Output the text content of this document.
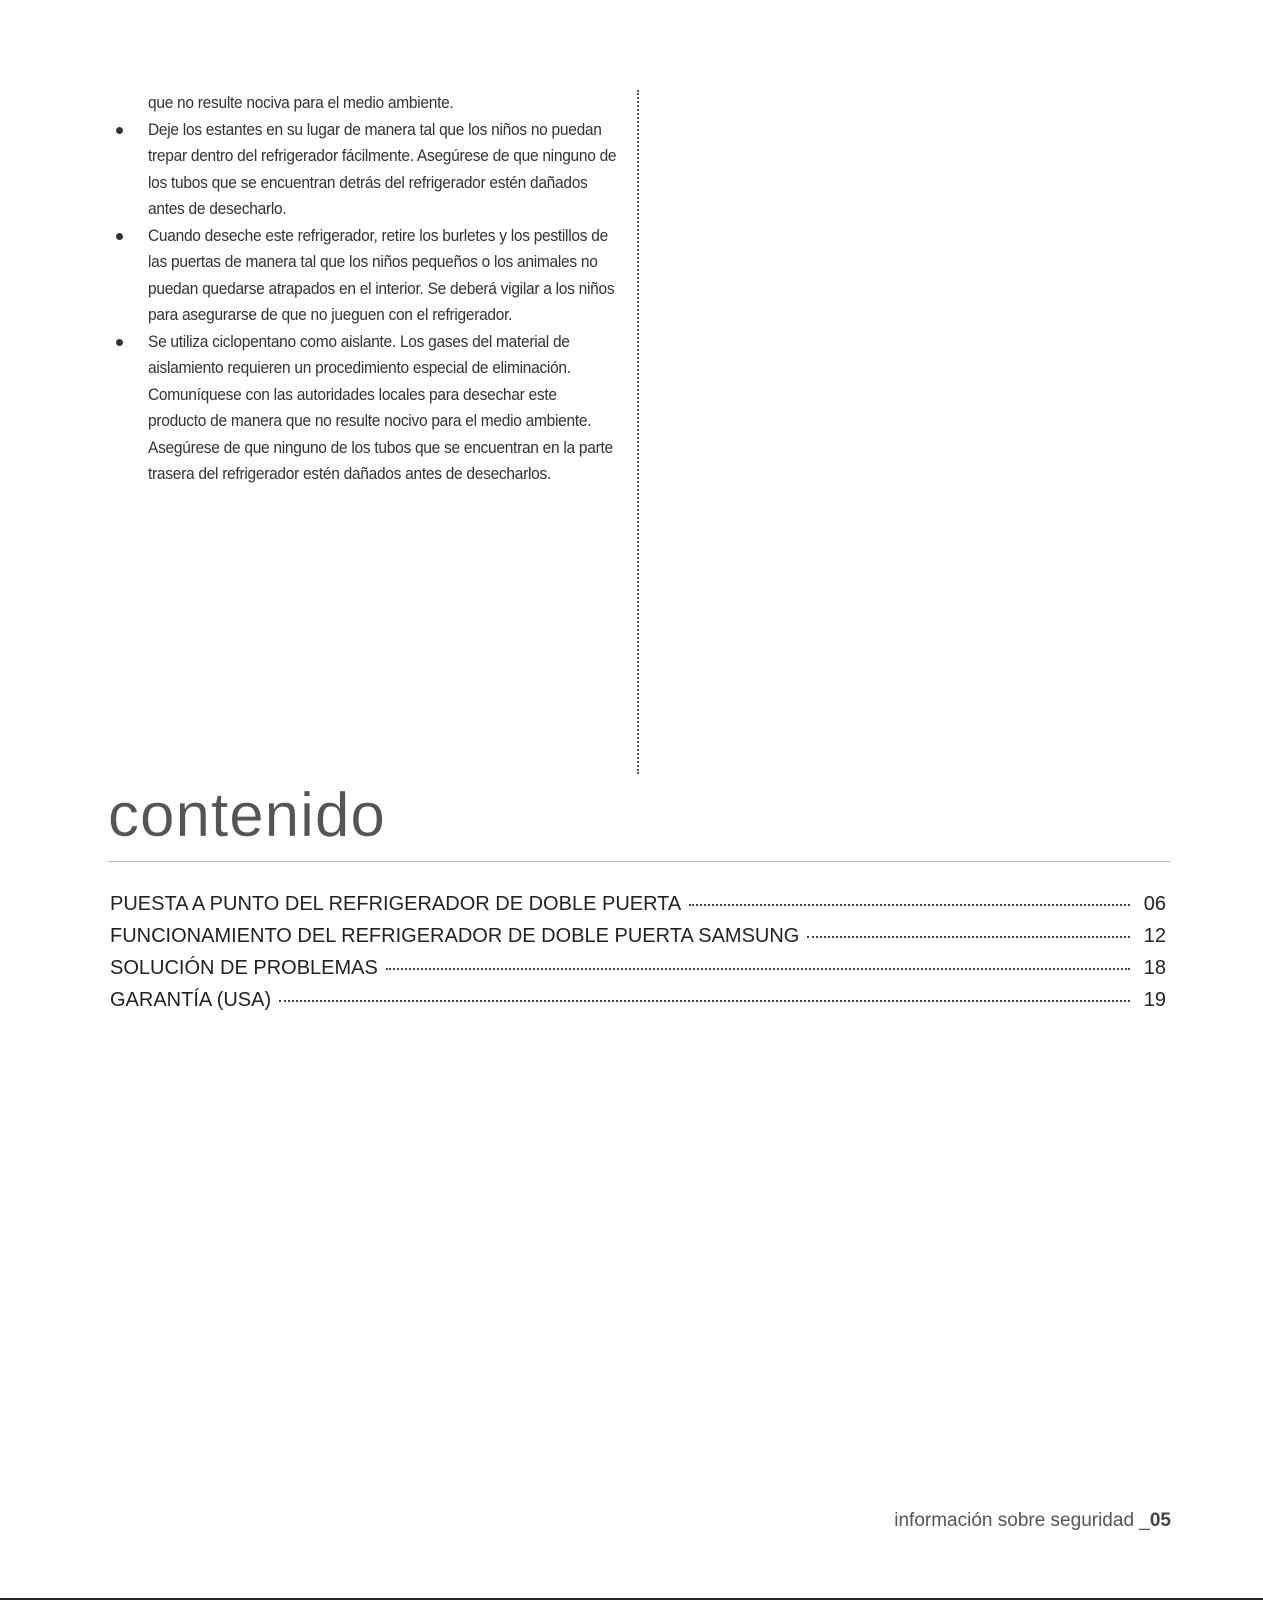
que no resulte nociva para el medio ambiente.

Deje los estantes en su lugar de manera tal que los niños no puedan trepar dentro del refrigerador fácilmente. Asegúrese de que ninguno de los tubos que se encuentran detrás del refrigerador estén dañados antes de desecharlo.
Cuando deseche este refrigerador, retire los burletes y los pestillos de las puertas de manera tal que los niños pequeños o los animales no puedan quedarse atrapados en el interior. Se deberá vigilar a los niños para asegurarse de que no jueguen con el refrigerador.
Se utiliza ciclopentano como aislante. Los gases del material de aislamiento requieren un procedimiento especial de eliminación. Comuníquese con las autoridades locales para desechar este producto de manera que no resulte nocivo para el medio ambiente. Asegúrese de que ninguno de los tubos que se encuentran en la parte trasera del refrigerador estén dañados antes de desecharlos.
contenido
PUESTA A PUNTO DEL REFRIGERADOR DE DOBLE PUERTA	06
FUNCIONAMIENTO DEL REFRIGERADOR DE DOBLE PUERTA SAMSUNG	12
SOLUCIÓN DE PROBLEMAS	18
GARANTÍA (USA)	19
información sobre seguridad _05
